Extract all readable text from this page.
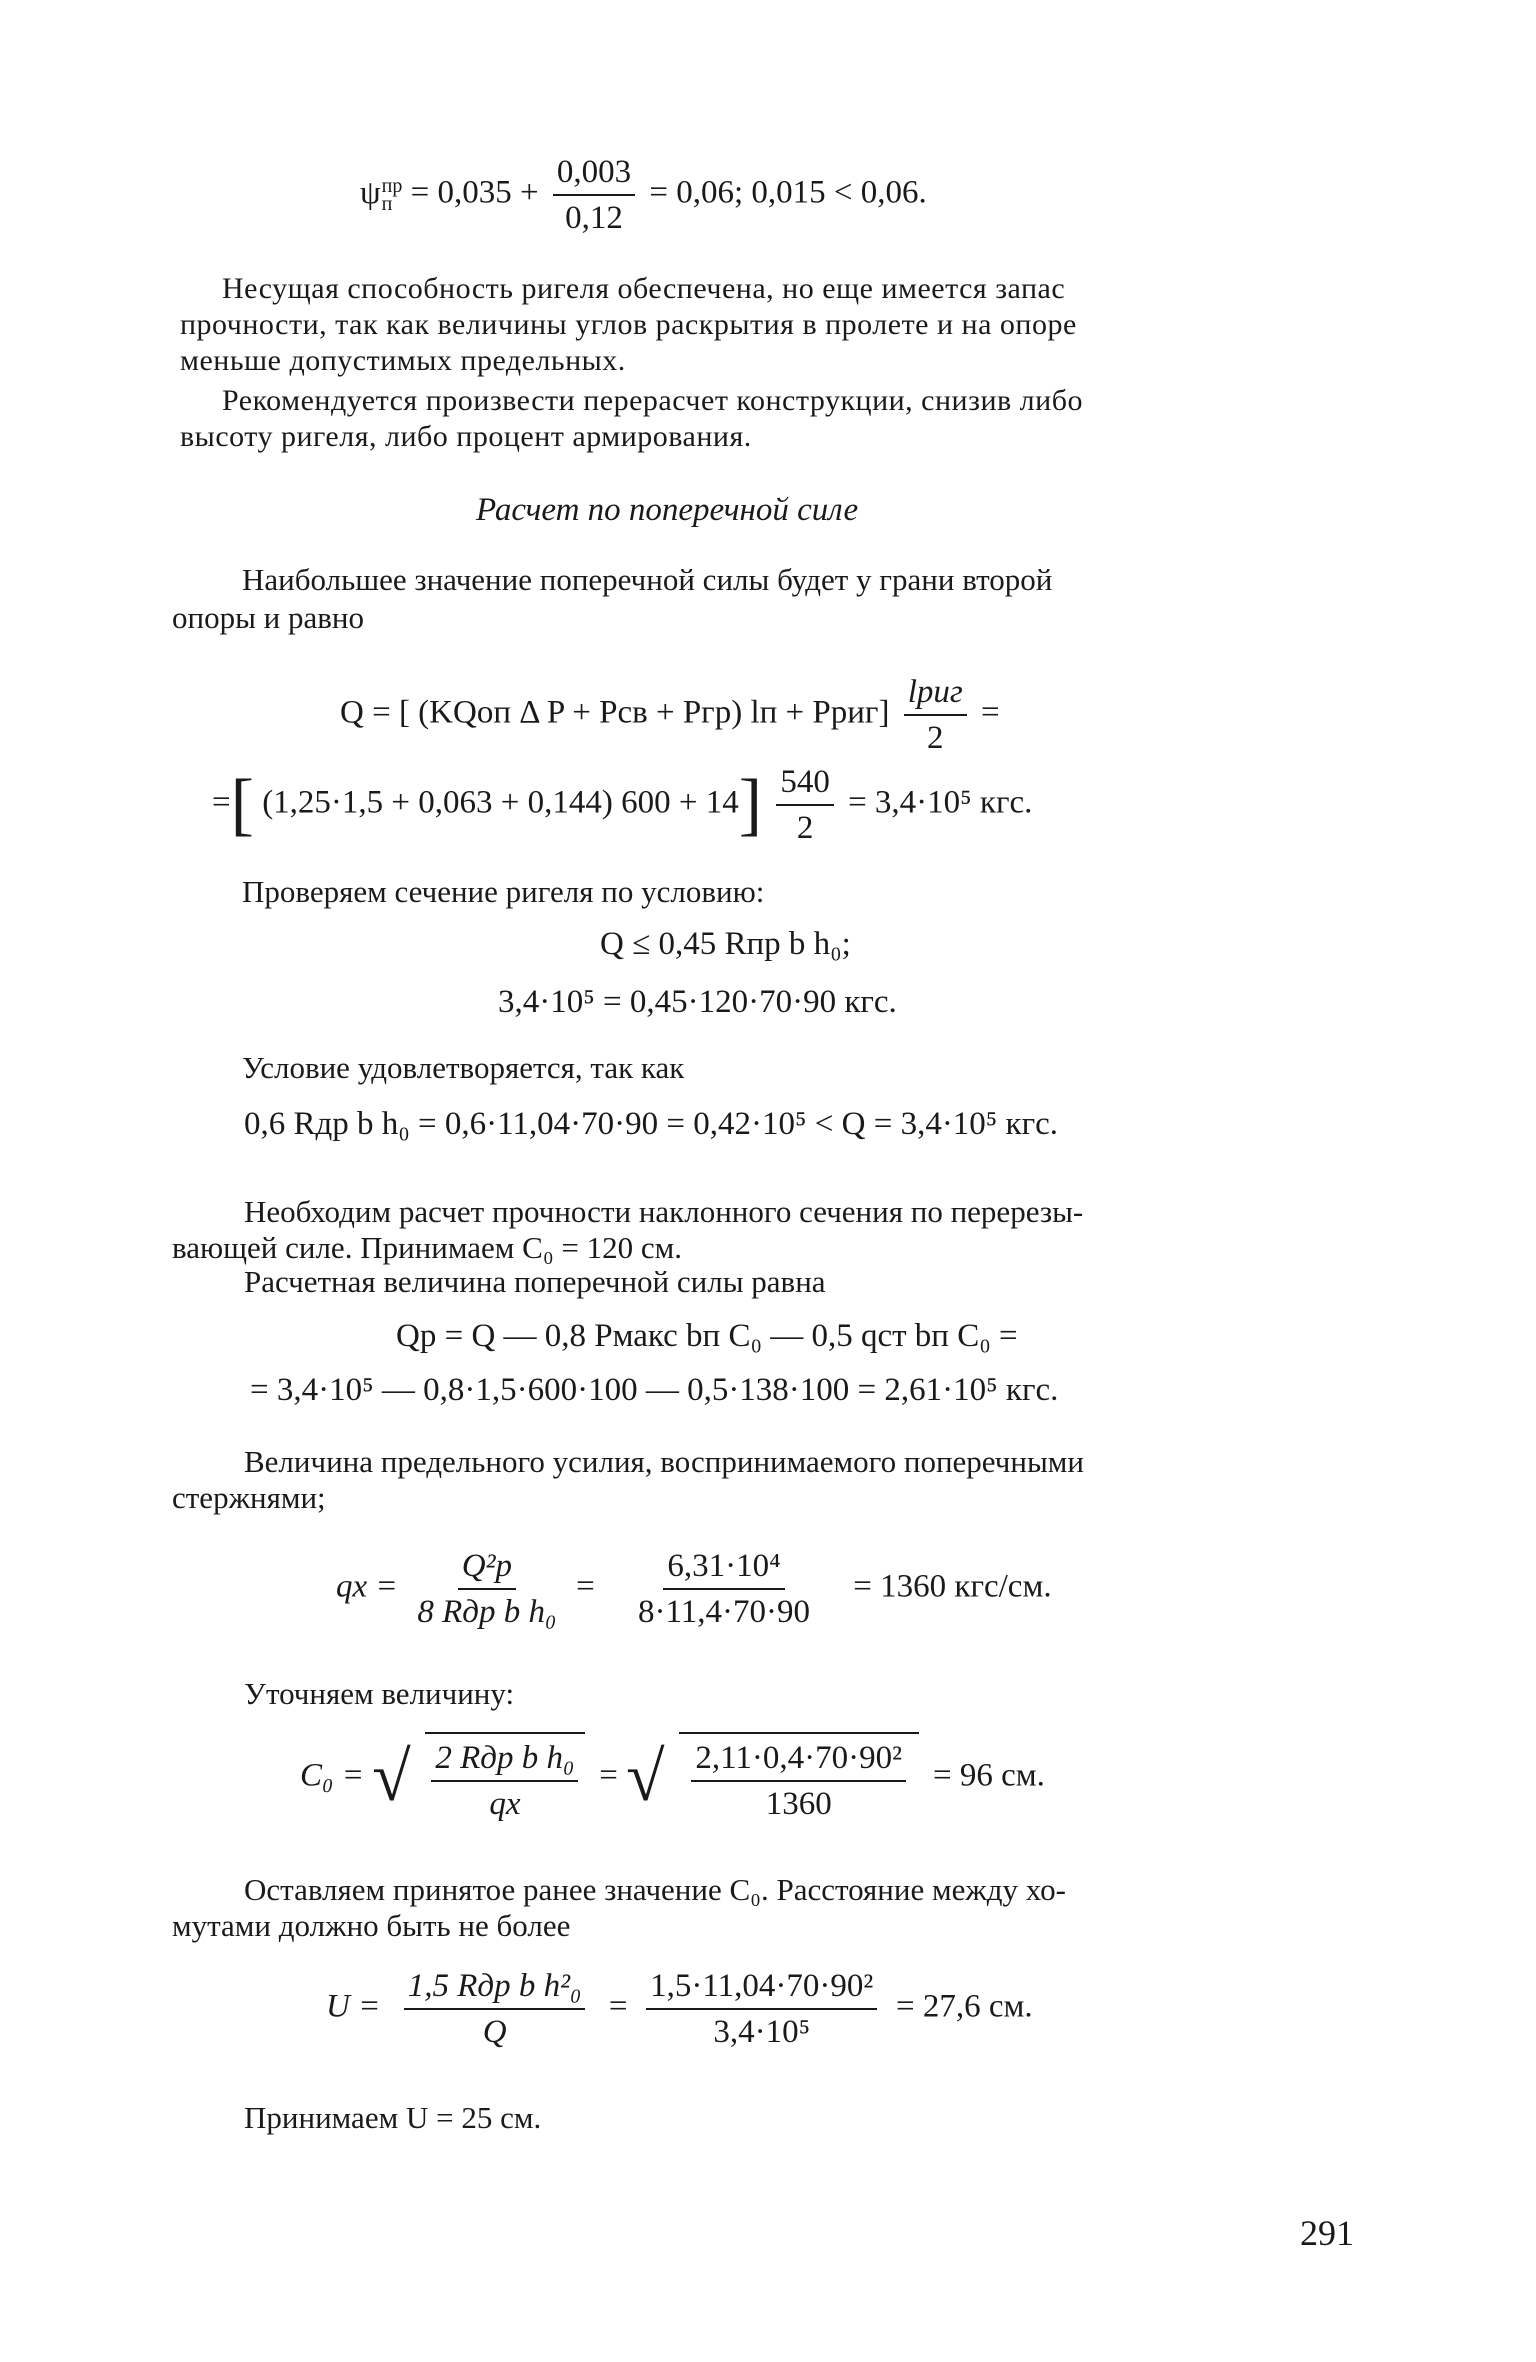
ψ пр
$п = 0,035 + \frac{0,003}{0,12} = 0,06$; 0,015 < 0,06.
Несущая способность ригеля обеспечена, но еще имеется запас
прочности, так как величины углов раскрытия в пролете и на опоре
меньше допустимых предельных.
Рекомендуется произвести перерасчет конструкции, снизив либо
высоту ригеля, либо процент армирования.
Расчет по поперечной силе
Наибольшее значение поперечной силы будет у грани второй
опоры и равно
Q = [ (KQоп Δ P + Pсв + Pгр) lп + Pриг] $\frac{\text{lриг}}{2}$ =
=[ (1,25·1,5 + 0,063 + 0,144) $600 + 14] \frac{540}{2} = 3,4\cdot 10^5$ кгс.
Проверяем сечение ригеля по условию:
Q ≤ 0,45 Rпр b h₀;
3,4·10⁵ = 0,45·120·70·90 кгс.
Условие удовлетворяется, так как
0,6 Rдр b h₀ = 0,6·11,04·70·90 = 0,42·10⁵ < Q = 3,4·10⁵ кгс.
Необходим расчет прочности наклонного сечения по перерезы-
вающей силе. Принимаем C₀ = 120 см.
Расчетная величина поперечной силы равна
Qр = Q — 0,8 Pмакс bп C₀ — 0,5 qст bп C₀ =
= 3,4·10⁵ — 0,8·1,5·600·100 — 0,5·138·100 = 2,61·10⁵ кгс.
Величина предельного усилия, воспринимаемого поперечными
стержнями;
qx = $\frac{\text{Q²р}}{\text{8 Rдр b h₀}} = \frac{\text{6,31·10⁴}}{8\cdot 11,4\cdot 70\cdot 90} = 1360$ кгс/см.
Уточняем величину:
C₀ = √ $\frac{\text{2 Rдр b h₀}}{qx}$ = √ $\frac{\text{2,11·0,4·70·90²}}{1360} = 96$ см.
Оставляем принятое ранее значение C₀. Расстояние между хо-
мутами должно быть не более
$U = \frac{\text{1,5 Rдр b h²₀}}{Q} = \frac{\text{1,5·11,04·70·90²}}{\text{3,4·10⁵}} = 27,6$ см.
Принимаем U = 25 см.
291
